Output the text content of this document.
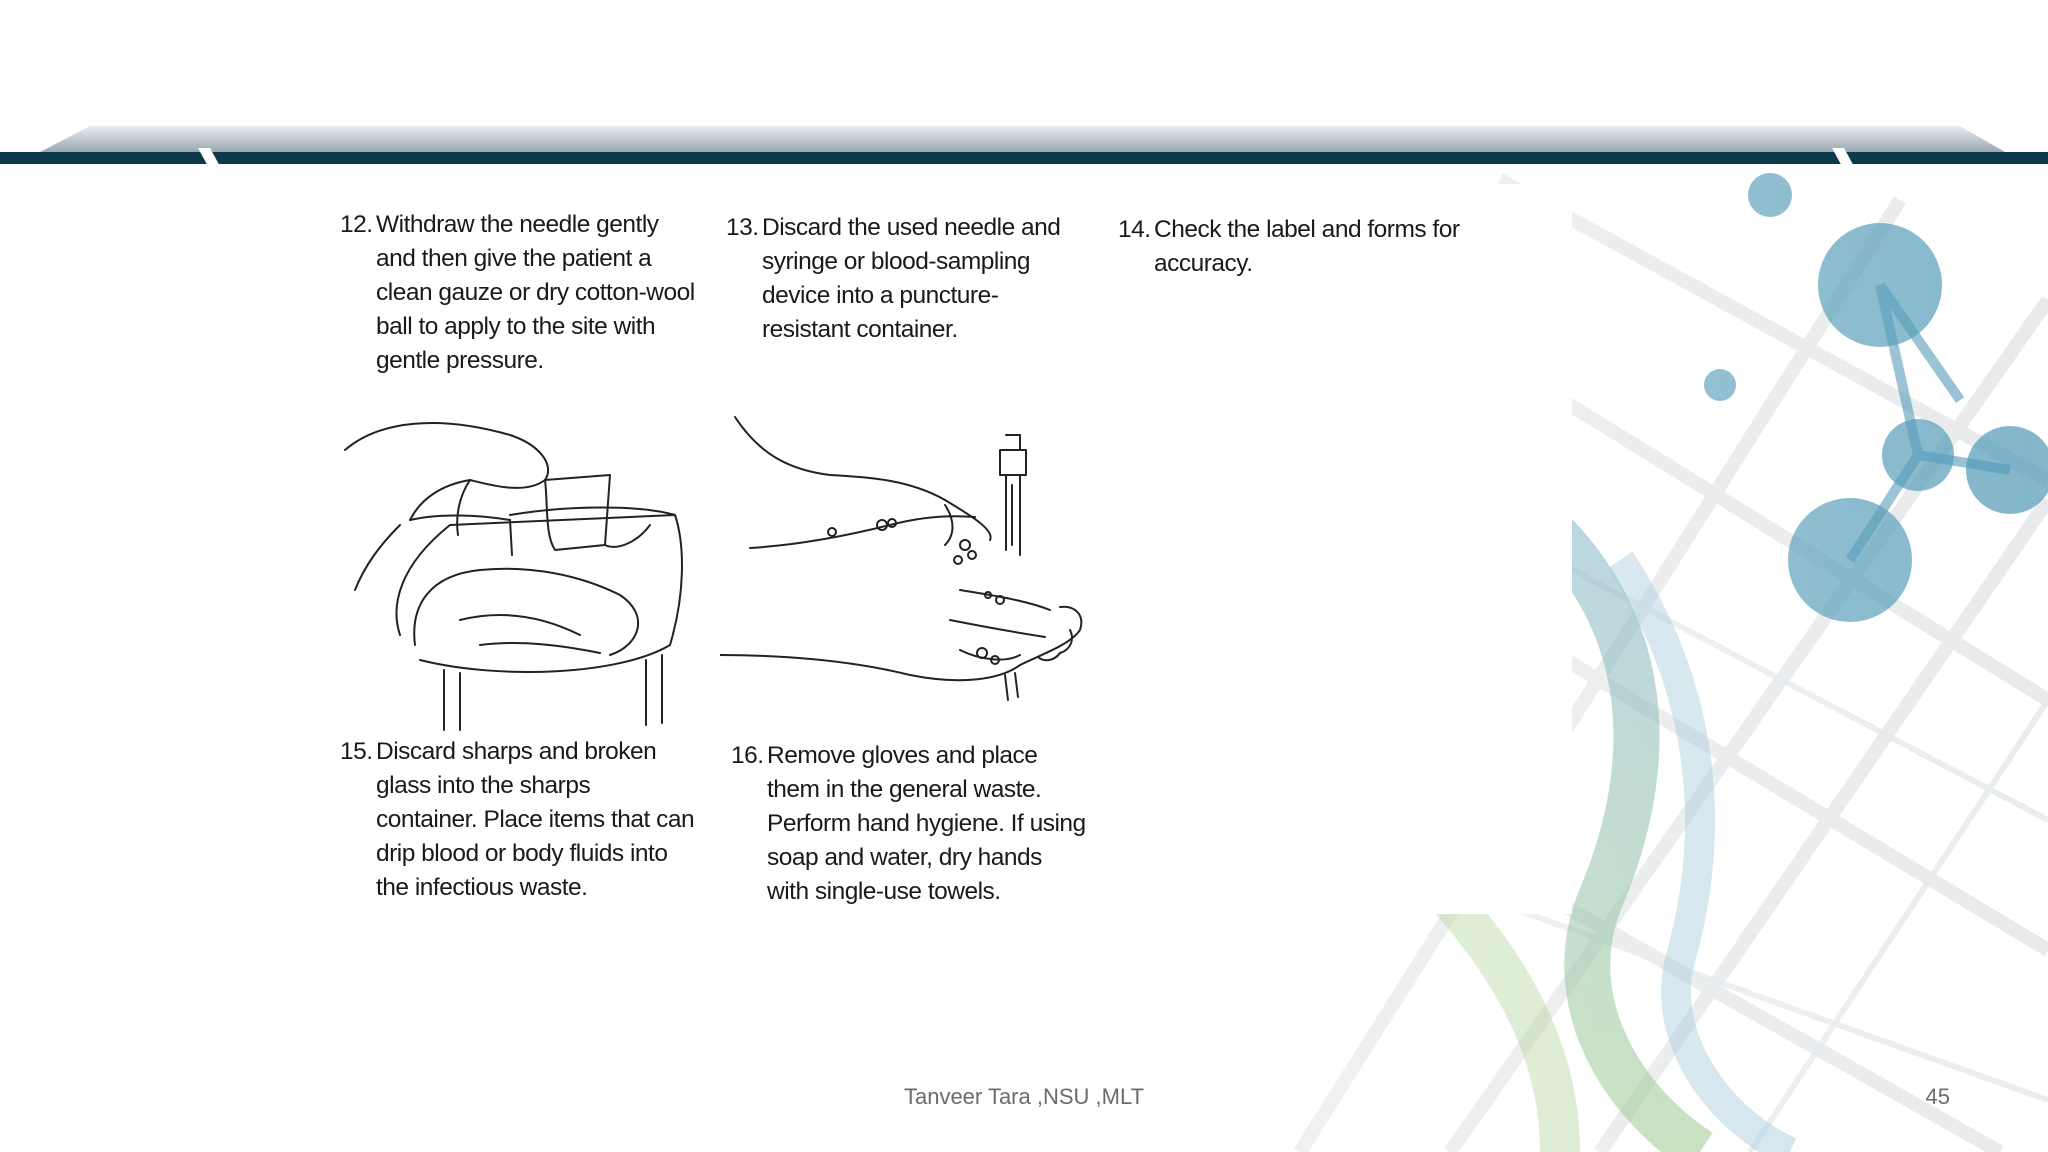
12. Withdraw the needle gently
and then give the patient a
clean gauze or dry cotton-wool
ball to apply to the site with
gentle pressure.
13. Discard the used needle and
syringe or blood-sampling
device into a puncture-
resistant container.
14. Check the label and forms for
accuracy.
15. Discard sharps and broken
glass into the sharps
container. Place items that can
drip blood or body fluids into
the infectious waste.
16. Remove gloves and place
them in the general waste.
Perform hand hygiene. If using
soap and water, dry hands
with single-use towels.
Tanveer Tara ,NSU ,MLT	45
